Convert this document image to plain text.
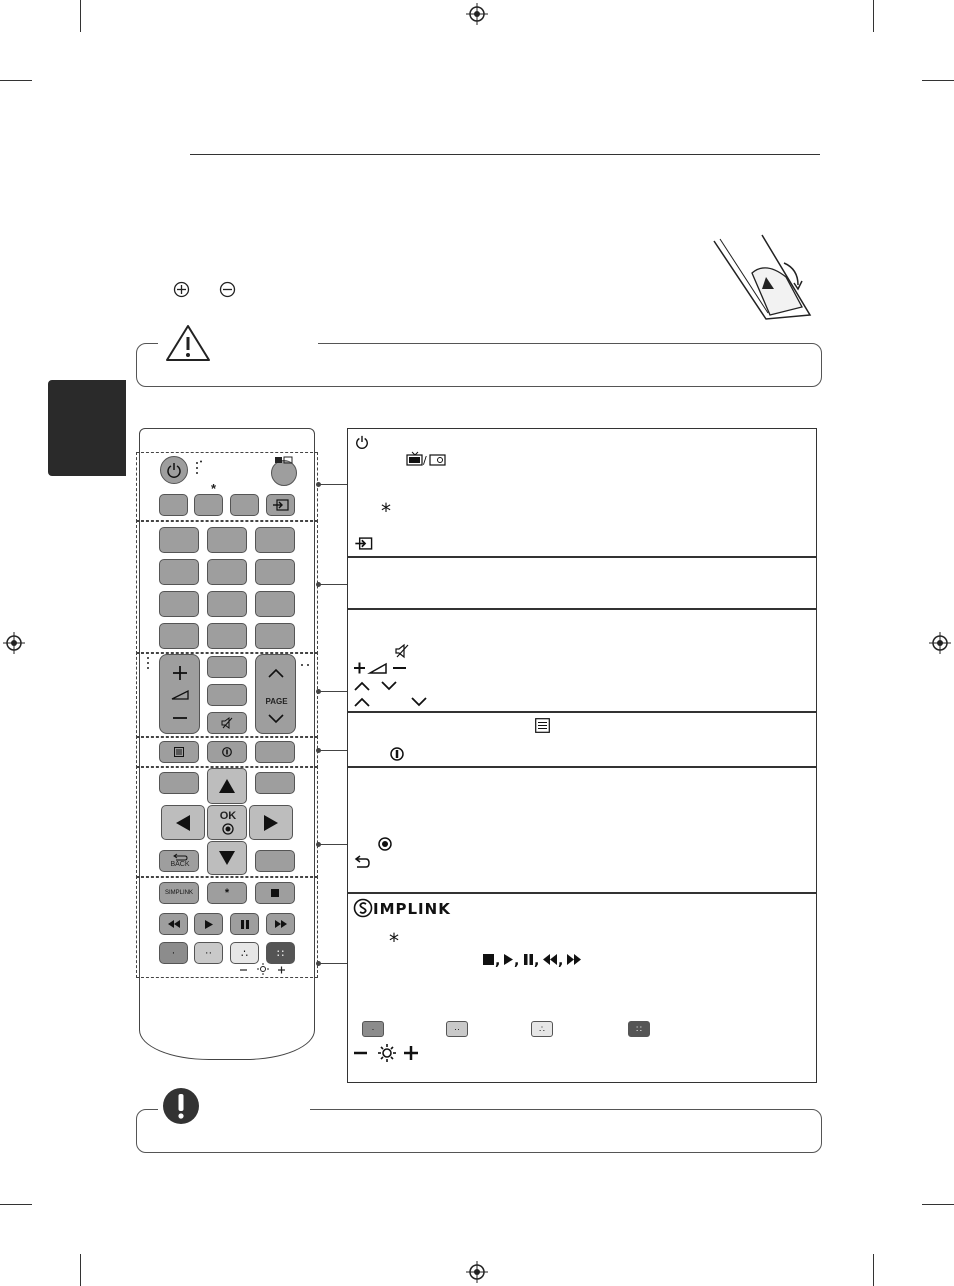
*
PAGE
OK
BACK
SIMPLINK	*
·	··	∴	∷
/
*
IMPLINK
*
, , , ,
·	··	∴	∷
